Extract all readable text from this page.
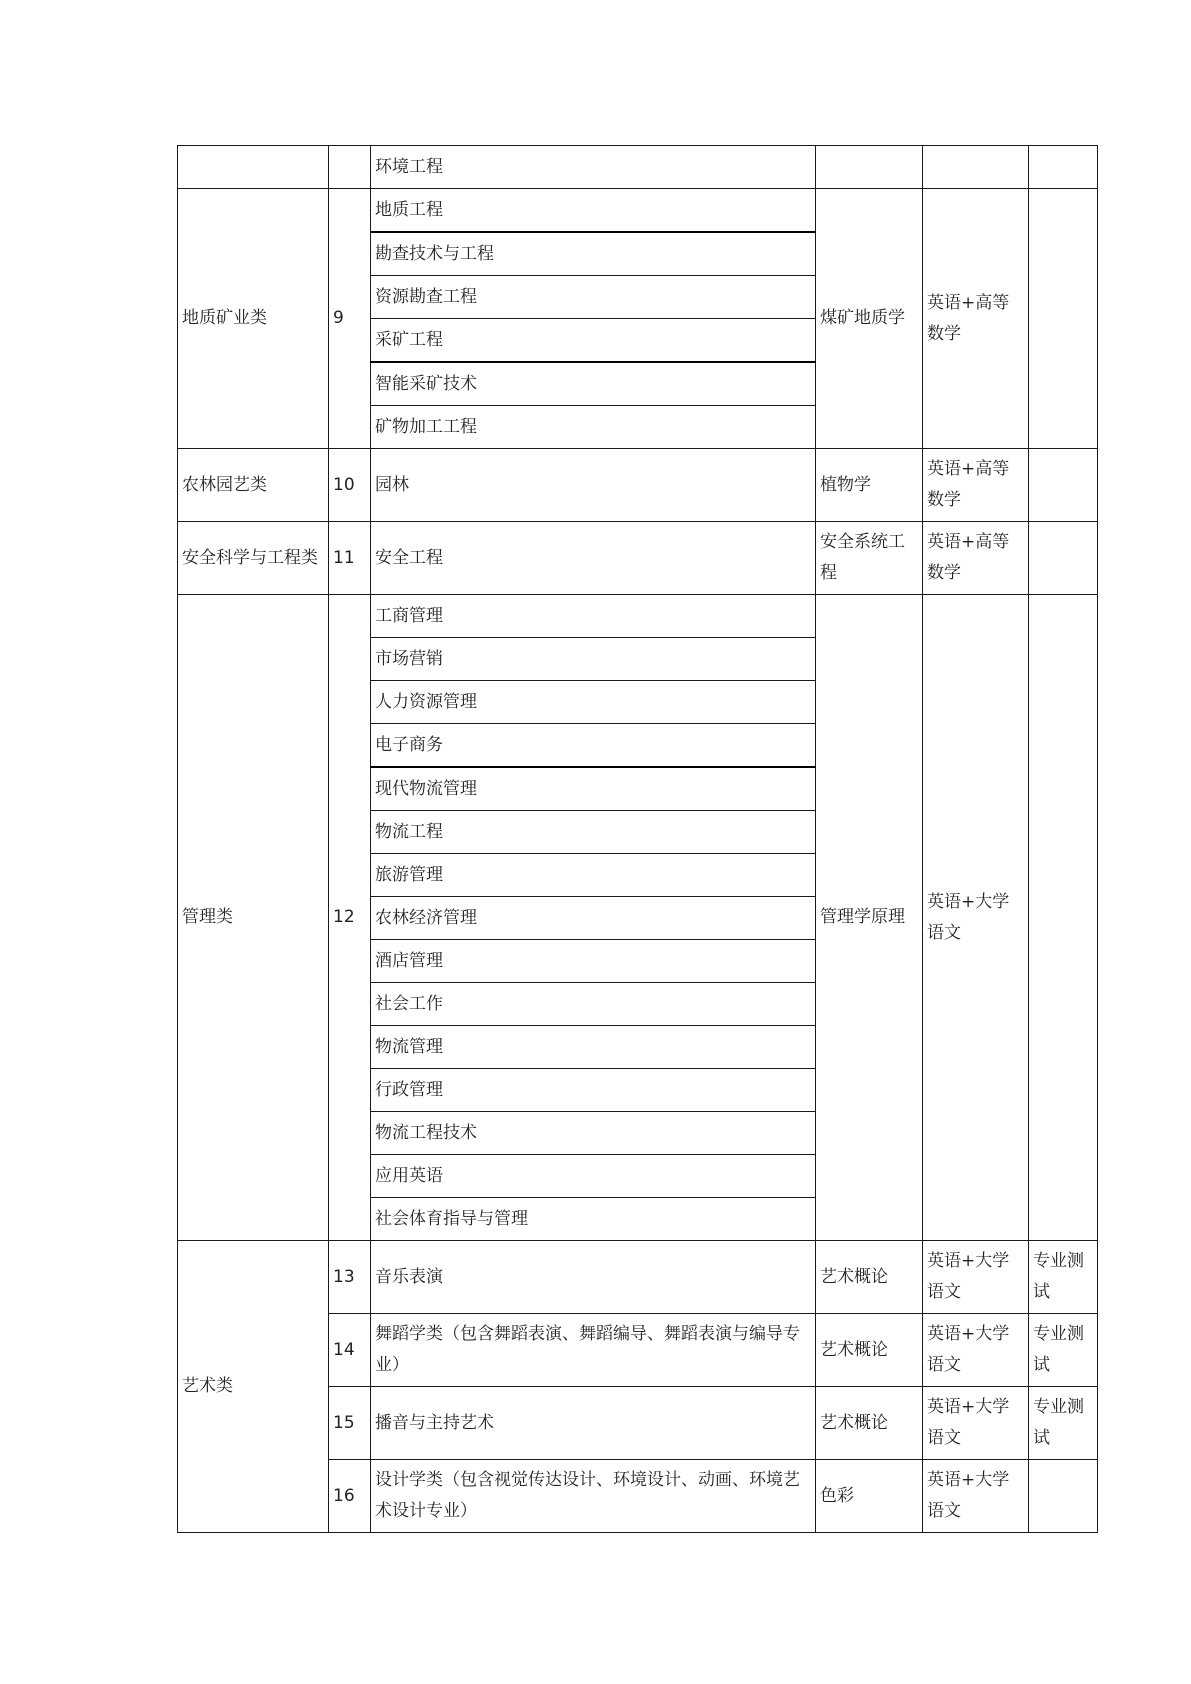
		环境工程			
地质矿业类	9	地质工程	煤矿地质学	英语+高等数学	
		勘查技术与工程			
		资源勘查工程			
		采矿工程			
		智能采矿技术			
		矿物加工工程			
农林园艺类	10	园林	植物学	英语+高等数学	
安全科学与工程类	11	安全工程	安全系统工程	英语+高等数学	
管理类	12	工商管理	管理学原理	英语+大学语文	
		市场营销			
		人力资源管理			
		电子商务			
		现代物流管理			
		物流工程			
		旅游管理			
		农林经济管理			
		酒店管理			
		社会工作			
		物流管理			
		行政管理			
		物流工程技术			
		应用英语			
		社会体育指导与管理			
艺术类	13	音乐表演	艺术概论	英语+大学语文	专业测试
	14	舞蹈学类（包含舞蹈表演、舞蹈编导、舞蹈表演与编导专业）	艺术概论	英语+大学语文	专业测试
	15	播音与主持艺术	艺术概论	英语+大学语文	专业测试
	16	设计学类（包含视觉传达设计、环境设计、动画、环境艺术设计专业）	色彩	英语+大学语文	
